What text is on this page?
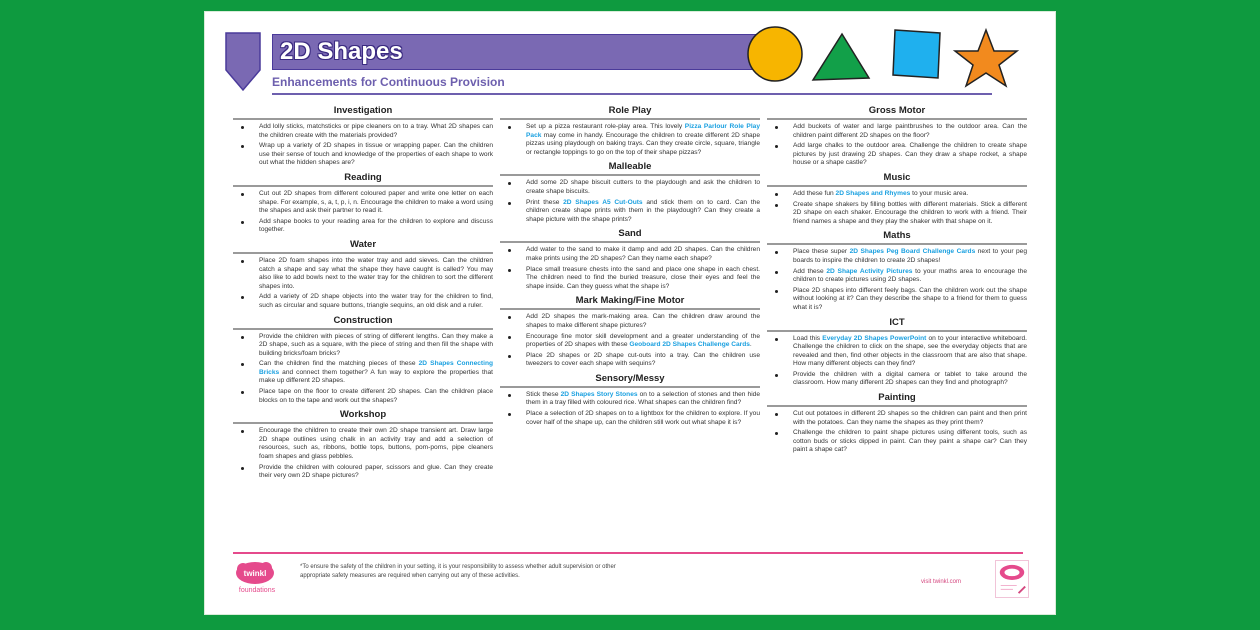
2D Shapes
Enhancements for Continuous Provision
Investigation
Add lolly sticks, matchsticks or pipe cleaners on to a tray. What 2D shapes can the children create with the materials provided?
Wrap up a variety of 2D shapes in tissue or wrapping paper. Can the children use their sense of touch and knowledge of the properties of each shape to work out what the hidden shapes are?
Reading
Cut out 2D shapes from different coloured paper and write one letter on each shape. For example, s, a, t, p, i, n. Encourage the children to make a word using the shapes and ask their partner to read it.
Add shape books to your reading area for the children to explore and discuss together.
Water
Place 2D foam shapes into the water tray and add sieves. Can the children catch a shape and say what the shape they have caught is called? You may also like to add bowls next to the water tray for the children to sort the different shapes into.
Add a variety of 2D shape objects into the water tray for the children to find, such as circular and square buttons, triangle sequins, an old disk and a ruler.
Construction
Provide the children with pieces of string of different lengths. Can they make a 2D shape, such as a square, with the piece of string and then fill the shape with building bricks/foam bricks?
Can the children find the matching pieces of these 2D Shapes Connecting Bricks and connect them together? A fun way to explore the properties that make up different 2D shapes.
Place tape on the floor to create different 2D shapes. Can the children place blocks on to the tape and work out the shapes?
Workshop
Encourage the children to create their own 2D shape transient art. Draw large 2D shape outlines using chalk in an activity tray and add a selection of resources, such as, ribbons, bottle tops, buttons, pom-poms, pipe cleaners foam shapes and glass pebbles.
Provide the children with coloured paper, scissors and glue. Can they create their very own 2D shape pictures?
Role Play
Set up a pizza restaurant role-play area. This lovely Pizza Parlour Role Play Pack may come in handy. Encourage the children to create different 2D shape pizzas using playdough on baking trays. Can they create circle, square, triangle or rectangle toppings to go on the top of their shape pizzas?
Malleable
Add some 2D shape biscuit cutters to the playdough and ask the children to create shape biscuits.
Print these 2D Shapes A5 Cut-Outs and stick them on to card. Can the children create shape prints with them in the playdough? Can they create a shape picture with the shape prints?
Sand
Add water to the sand to make it damp and add 2D shapes. Can the children make prints using the 2D shapes? Can they name each shape?
Place small treasure chests into the sand and place one shape in each chest. The children need to find the buried treasure, close their eyes and feel the shape inside. Can they guess what the shape is?
Mark Making/Fine Motor
Add 2D shapes the mark-making area. Can the children draw around the shapes to make different shape pictures?
Encourage fine motor skill development and a greater understanding of the properties of 2D shapes with these Geoboard 2D Shapes Challenge Cards.
Place 2D shapes or 2D shape cut-outs into a tray. Can the children use tweezers to cover each shape with sequins?
Sensory/Messy
Stick these 2D Shapes Story Stones on to a selection of stones and then hide them in a tray filled with coloured rice. What shapes can the children find?
Place a selection of 2D shapes on to a lightbox for the children to explore. If you cover half of the shape up, can the children still work out what shape it is?
Gross Motor
Add buckets of water and large paintbrushes to the outdoor area. Can the children paint different 2D shapes on the floor?
Add large chalks to the outdoor area. Challenge the children to create shape pictures by just drawing 2D shapes. Can they draw a shape rocket, a shape house or a shape castle?
Music
Add these fun 2D Shapes and Rhymes to your music area.
Create shape shakers by filling bottles with different materials. Stick a different 2D shape on each shaker. Encourage the children to work with a friend. Their friend names a shape and they play the shaker with that shape on it.
Maths
Place these super 2D Shapes Peg Board Challenge Cards next to your peg boards to inspire the children to create 2D shapes!
Add these 2D Shape Activity Pictures to your maths area to encourage the children to create pictures using 2D shapes.
Place 2D shapes into different feely bags. Can the children work out the shape without looking at it? Can they describe the shape to a friend for them to guess what it is?
ICT
Load this Everyday 2D Shapes PowerPoint on to your interactive whiteboard. Challenge the children to click on the shape, see the everyday objects that are revealed and then, find other objects in the classroom that are also that shape. How many different objects can they find?
Provide the children with a digital camera or tablet to take around the classroom. How many different 2D shapes can they find and photograph?
Painting
Cut out potatoes in different 2D shapes so the children can paint and then print with the potatoes. Can they name the shapes as they print them?
Challenge the children to paint shape pictures using different tools, such as cotton buds or sticks dipped in paint. Can they paint a shape car? Can they paint a shape cat?
twinkl
foundations
*To ensure the safety of the children in your setting, it is your responsibility to assess whether adult supervision or other appropriate safety measures are required when carrying out any of these activities.
visit twinkl.com
